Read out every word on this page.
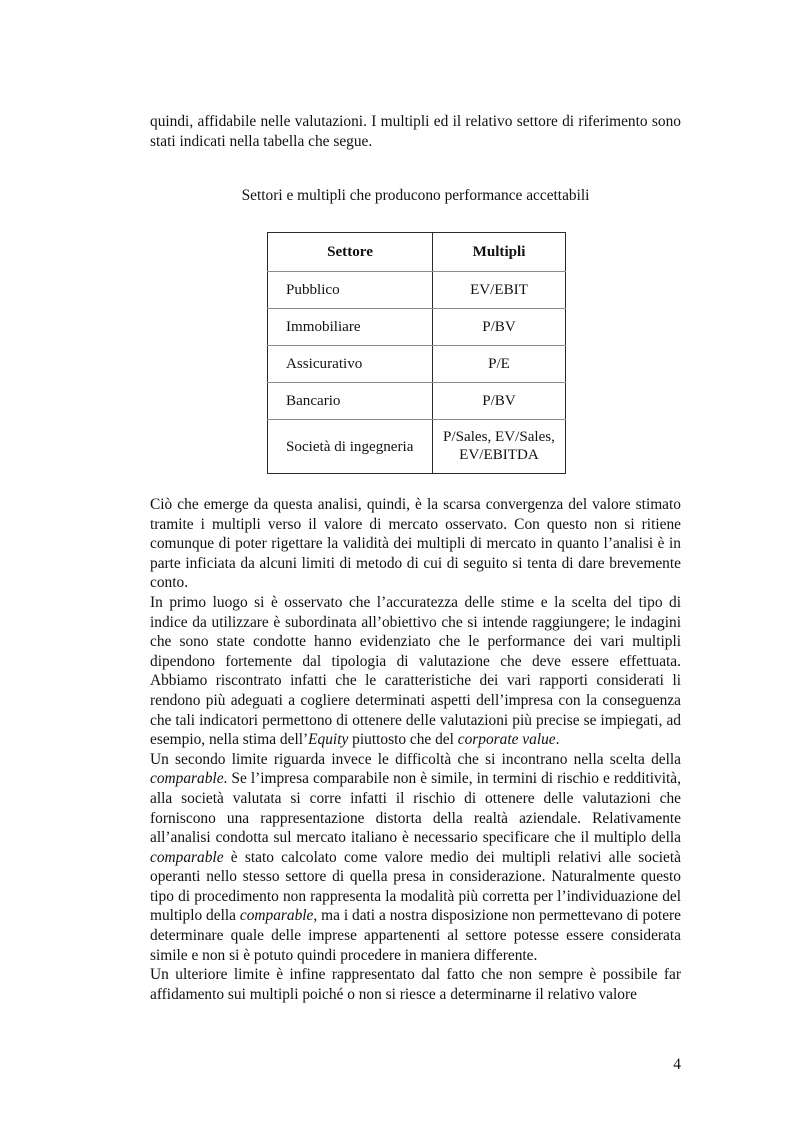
quindi, affidabile nelle valutazioni. I multipli ed il relativo settore di riferimento sono stati indicati nella tabella che segue.

Settori e multipli che producono performance accettabili

Settore	Multipli
Pubblico	EV/EBIT
Immobiliare	P/BV
Assicurativo	P/E
Bancario	P/BV
Società di ingegneria	P/Sales, EV/Sales,
EV/EBITDA

Ciò che emerge da questa analisi, quindi, è la scarsa convergenza del valore stimato tramite i multipli verso il valore di mercato osservato. Con questo non si ritiene comunque di poter rigettare la validità dei multipli di mercato in quanto l’analisi è in parte inficiata da alcuni limiti di metodo di cui di seguito si tenta di dare brevemente conto.

In primo luogo si è osservato che l’accuratezza delle stime e la scelta del tipo di indice da utilizzare è subordinata all’obiettivo che si intende raggiungere; le indagini che sono state condotte hanno evidenziato che le performance dei vari multipli dipendono fortemente dal tipologia di valutazione che deve essere effettuata. Abbiamo riscontrato infatti che le caratteristiche dei vari rapporti considerati li rendono più adeguati a cogliere determinati aspetti dell’impresa con la conseguenza che tali indicatori permettono di ottenere delle valutazioni più precise se impiegati, ad esempio, nella stima dell’Equity piuttosto che del corporate value.

Un secondo limite riguarda invece le difficoltà che si incontrano nella scelta della comparable. Se l’impresa comparabile non è simile, in termini di rischio e redditività, alla società valutata si corre infatti il rischio di ottenere delle valutazioni che forniscono una rappresentazione distorta della realtà aziendale. Relativamente all’analisi condotta sul mercato italiano è necessario specificare che il multiplo della comparable è stato calcolato come valore medio dei multipli relativi alle società operanti nello stesso settore di quella presa in considerazione. Naturalmente questo tipo di procedimento non rappresenta la modalità più corretta per l’individuazione del multiplo della comparable, ma i dati a nostra disposizione non permettevano di potere determinare quale delle imprese appartenenti al settore potesse essere considerata simile e non si è potuto quindi procedere in maniera differente.

Un ulteriore limite è infine rappresentato dal fatto che non sempre è possibile far affidamento sui multipli poiché o non si riesce a determinarne il relativo valore

4
